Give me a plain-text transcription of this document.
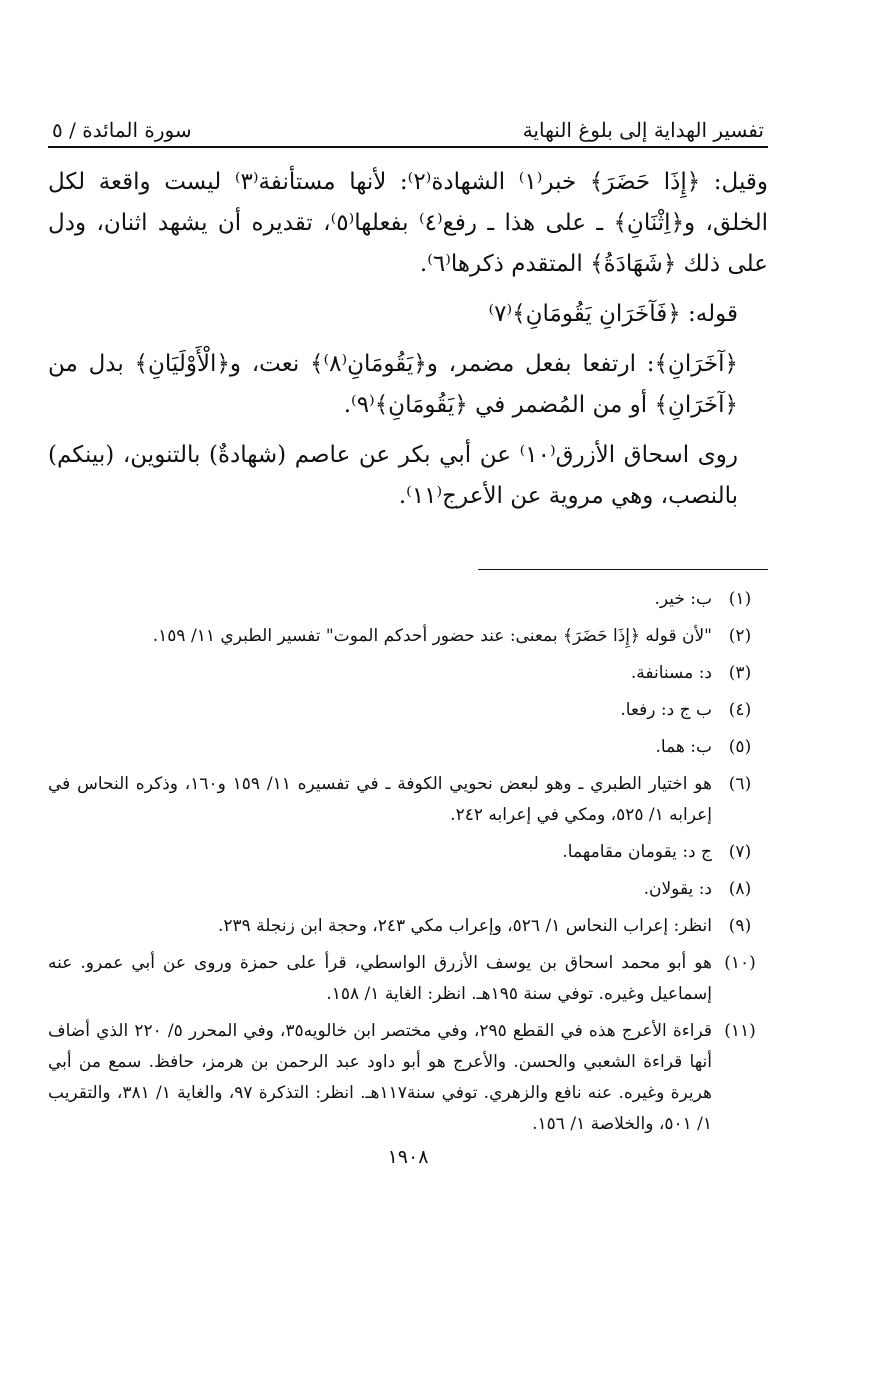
تفسير الهداية إلى بلوغ النهاية
سورة المائدة / ٥

وقيل: ﴿إِذَا حَضَرَ﴾ خبر⁽١⁾ الشهادة⁽٢⁾: لأنها مستأنفة⁽٣⁾ ليست واقعة لكل الخلق، و﴿اِثْنَانِ﴾ ـ على هذا ـ رفع⁽٤⁾ بفعلها⁽٥⁾، تقديره أن يشهد اثنان، ودل على ذلك ﴿شَهَادَةُ﴾ المتقدم ذكرها⁽٦⁾.

قوله: ﴿فَآخَرَانِ يَقُومَانِ﴾⁽٧⁾

﴿آخَرَانِ﴾: ارتفعا بفعل مضمر، و﴿يَقُومَانِ⁽٨⁾﴾ نعت، و﴿الْأَوْلَيَانِ﴾ بدل من ﴿آخَرَانِ﴾ أو من المُضمر في ﴿يَقُومَانِ﴾⁽٩⁾.

روى اسحاق الأزرق⁽١٠⁾ عن أبي بكر عن عاصم (شهادةٌ) بالتنوين، (بينكم) بالنصب، وهي مروية عن الأعرج⁽١١⁾.

(١)
ب: خير.
(٢)
"لأن قوله ﴿إِذَا حَضَرَ﴾ بمعنى: عند حضور أحدكم الموت" تفسير الطبري ١١/ ١٥٩.
(٣)
د: مسنانفة.
(٤)
ب ج د: رفعا.
(٥)
ب: هما.
(٦)
هو اختيار الطبري ـ وهو لبعض نحويي الكوفة ـ في تفسيره ١١/ ١٥٩ و١٦٠، وذكره النحاس في إعرابه ١/ ٥٢٥، ومكي في إعرابه ٢٤٢.
(٧)
ج د: يقومان مقامهما.
(٨)
د: يقولان.
(٩)
انظر: إعراب النحاس ١/ ٥٢٦، وإعراب مكي ٢٤٣، وحجة ابن زنجلة ٢٣٩.
(١٠)
هو أبو محمد اسحاق بن يوسف الأزرق الواسطي، قرأ على حمزة وروى عن أبي عمرو. عنه إسماعيل وغيره. توفي سنة ١٩٥هـ. انظر: الغاية ١/ ١٥٨.
(١١)
قراءة الأعرج هذه في القطع ٢٩٥، وفي مختصر ابن خالويه٣٥، وفي المحرر ٥/ ٢٢٠ الذي أضاف أنها قراءة الشعبي والحسن. والأعرج هو أبو داود عبد الرحمن بن هرمز، حافظ. سمع من أبي هريرة وغيره. عنه نافع والزهري. توفي سنة١١٧هـ. انظر: التذكرة ٩٧، والغاية ١/ ٣٨١، والتقريب ١/ ٥٠١، والخلاصة ١/ ١٥٦.
١٩٠٨
